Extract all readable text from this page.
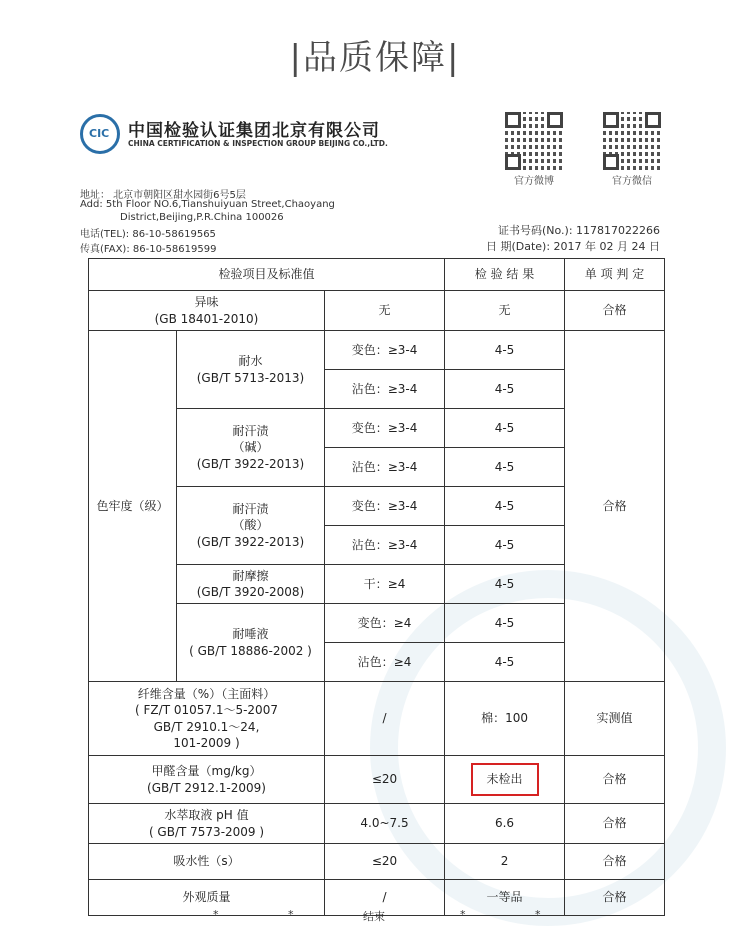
|品质保障|
CIC 中国检验认证集团北京有限公司
CHINA CERTIFICATION & INSPECTION GROUP BEIJING CO.,LTD.
官方微博	官方微信
地址： 北京市朝阳区甜水园街6号5层
Add: 5th Floor NO.6,Tianshuiyuan Street,Chaoyang
District,Beijing,P.R.China 100026
电话(TEL): 86-10-58619565
传真(FAX): 86-10-58619599
证书号码(No.): 117817022266
日 期(Date): 2017 年 02 月 24 日
检验项目及标准值			检 验 结 果	单 项 判 定

异味
(GB 18401-2010)		无	无	合格
色牢度（级）	耐水
(GB/T 5713-2013)	变色：≥3-4	4-5	合格
		沾色：≥3-4	4-5	

	耐汗渍
（碱）
(GB/T 3922-2013)	变色：≥3-4	4-5	
		沾色：≥3-4	4-5	

	耐汗渍
（酸）
(GB/T 3922-2013)	变色：≥3-4	4-5	
		沾色：≥3-4	4-5	

	耐摩擦
(GB/T 3920-2008)	干：≥4	4-5	

	耐唾液
( GB/T 18886-2002 )	变色：≥4	4-5	
		沾色：≥4	4-5	

纤维含量（%）（主面料）
( FZ/T 01057.1～5-2007
GB/T 2910.1～24,
101-2009 )		/	棉：100	实测值

甲醛含量（mg/kg）
(GB/T 2912.1-2009)		≤20	未检出	合格

水萃取液 pH 值
( GB/T 7573-2009 )		4.0~7.5	6.6	合格
吸水性（s）		≤20	2	合格
外观质量		/	一等品	合格
*	*	结束	*	*
